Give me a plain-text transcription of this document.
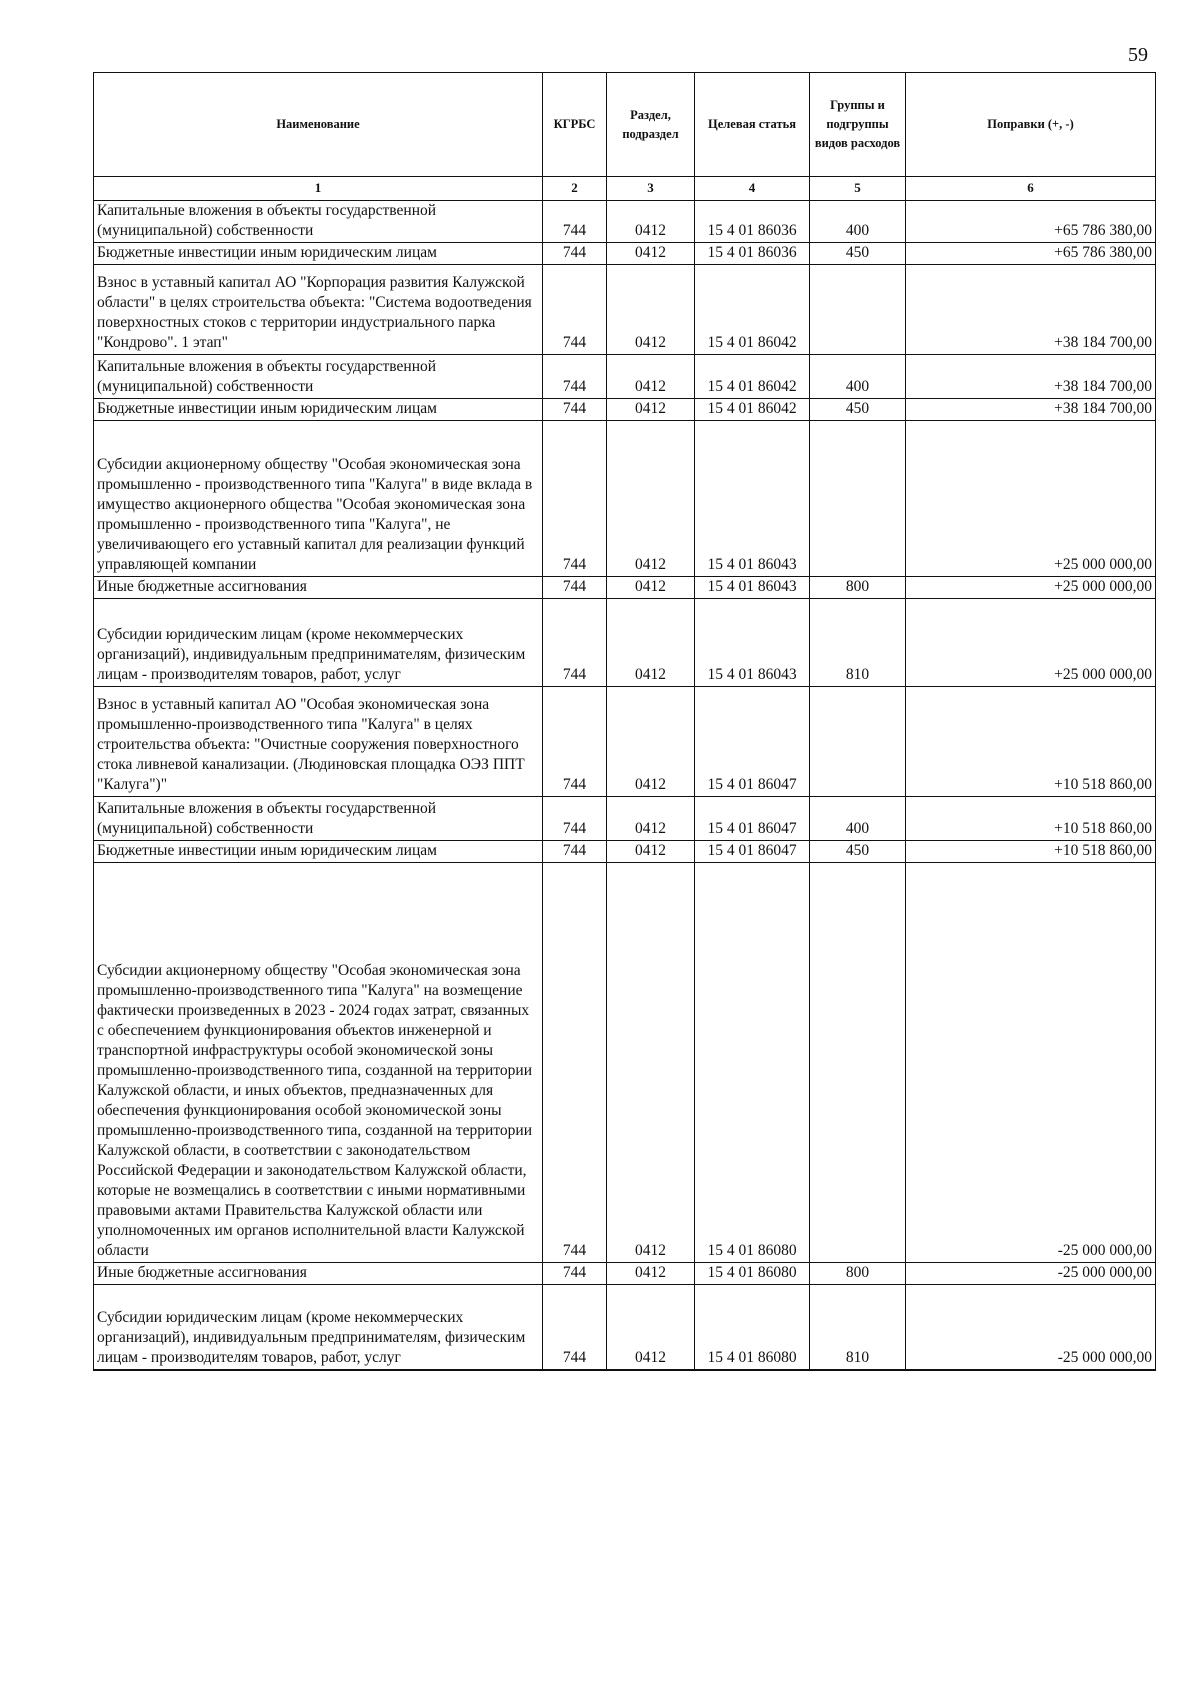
59
Наименование	КГРБС	Раздел, подраздел	Целевая статья	Группы и подгруппы видов расходов	Поправки (+, -)
1	2	3	4	5	6
Капитальные вложения в объекты государственной (муниципальной) собственности	744	0412	15 4 01 86036	400	+65 786 380,00
Бюджетные инвестиции иным юридическим лицам	744	0412	15 4 01 86036	450	+65 786 380,00
Взнос в уставный капитал АО "Корпорация развития Калужской области" в целях строительства объекта: "Система водоотведения поверхностных стоков с территории индустриального парка "Кондрово". 1 этап"	744	0412	15 4 01 86042		+38 184 700,00
Капитальные вложения в объекты государственной (муниципальной) собственности	744	0412	15 4 01 86042	400	+38 184 700,00
Бюджетные инвестиции иным юридическим лицам	744	0412	15 4 01 86042	450	+38 184 700,00
Субсидии акционерному обществу "Особая экономическая зона промышленно - производственного типа "Калуга" в виде вклада в имущество акционерного общества "Особая экономическая зона промышленно - производственного типа "Калуга", не увеличивающего его уставный капитал для реализации функций управляющей компании	744	0412	15 4 01 86043		+25 000 000,00
Иные бюджетные ассигнования	744	0412	15 4 01 86043	800	+25 000 000,00
Субсидии юридическим лицам (кроме некоммерческих организаций), индивидуальным предпринимателям, физическим лицам - производителям товаров, работ, услуг	744	0412	15 4 01 86043	810	+25 000 000,00
Взнос в уставный капитал АО "Особая экономическая зона промышленно-производственного типа "Калуга" в целях строительства объекта: "Очистные сооружения поверхностного стока ливневой канализации. (Людиновская площадка ОЭЗ ППТ "Калуга")"	744	0412	15 4 01 86047		+10 518 860,00
Капитальные вложения в объекты государственной (муниципальной) собственности	744	0412	15 4 01 86047	400	+10 518 860,00
Бюджетные инвестиции иным юридическим лицам	744	0412	15 4 01 86047	450	+10 518 860,00
Субсидии акционерному обществу "Особая экономическая зона промышленно-производственного типа "Калуга" на возмещение фактически произведенных в 2023 - 2024 годах затрат, связанных с обеспечением функционирования объектов инженерной и транспортной инфраструктуры особой экономической зоны промышленно-производственного типа, созданной на территории Калужской области, и иных объектов, предназначенных для обеспечения функционирования особой экономической зоны промышленно-производственного типа, созданной на территории Калужской области, в соответствии с законодательством Российской Федерации и законодательством Калужской области, которые не возмещались в соответствии с иными нормативными правовыми актами Правительства Калужской области или уполномоченных им органов исполнительной власти Калужской области	744	0412	15 4 01 86080		-25 000 000,00
Иные бюджетные ассигнования	744	0412	15 4 01 86080	800	-25 000 000,00
Субсидии юридическим лицам (кроме некоммерческих организаций), индивидуальным предпринимателям, физическим лицам - производителям товаров, работ, услуг	744	0412	15 4 01 86080	810	-25 000 000,00
